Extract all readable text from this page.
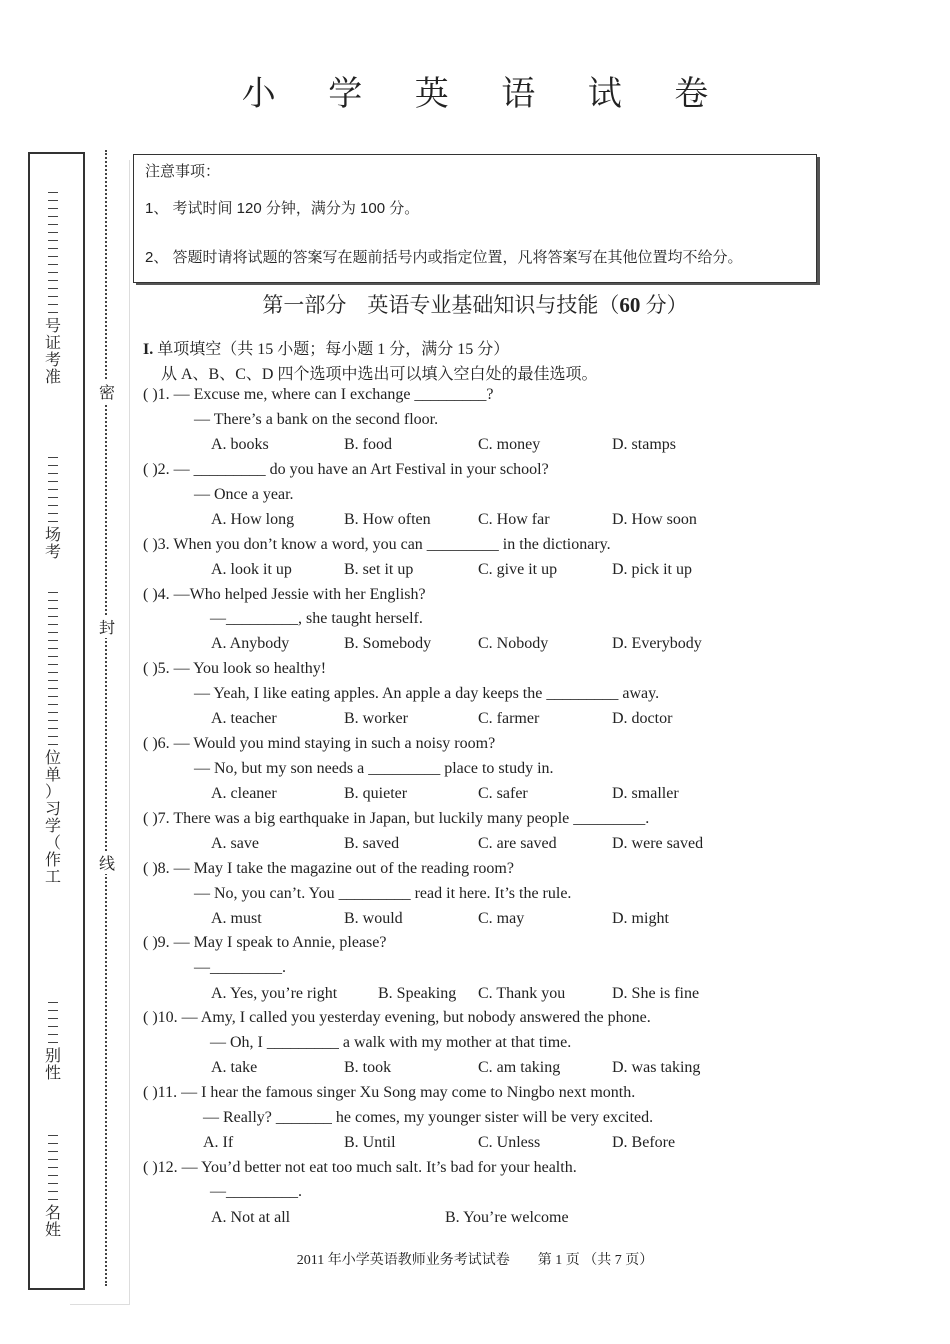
小 学 英 语 试 卷
密
封
线
号
证
考
准
场
考
位
单
）
习
学
（
作
工
别
性
名
姓
注意事项：
1、 考试时间 120 分钟，满分为 100 分。
2、 答题时请将试题的答案写在题前括号内或指定位置，凡将答案写在其他位置均不给分。
第一部分　英语专业基础知识与技能（60 分）
I. 单项填空（共 15 小题；每小题 1 分，满分 15 分）
从 A、B、C、D 四个选项中选出可以填入空白处的最佳选项。
( )1. — Excuse me, where can I exchange _________?
— There’s a bank on the second floor.
A. books	B. food	C. money	D. stamps
( )2. — _________ do you have an Art Festival in your school?
— Once a year.
A. How long	B. How often	C. How far	D. How soon
( )3. When you don’t know a word, you can _________ in the dictionary.
A. look it up	B. set it up	C. give it up	D. pick it up
( )4. —Who helped Jessie with her English?
—_________, she taught herself.
A. Anybody	B. Somebody	C. Nobody	D. Everybody
( )5. — You look so healthy!
— Yeah, I like eating apples. An apple a day keeps the _________ away.
A. teacher	B. worker	C. farmer	D. doctor
( )6. — Would you mind staying in such a noisy room?
— No, but my son needs a _________ place to study in.
A. cleaner	B. quieter	C. safer	D. smaller
( )7. There was a big earthquake in Japan, but luckily many people _________.
A. save	B. saved	C. are saved	D. were saved
( )8. — May I take the magazine out of the reading room?
— No, you can’t. You _________ read it here. It’s the rule.
A. must	B. would	C. may	D. might
( )9. — May I speak to Annie, please?
—_________.
A. Yes, you’re right	B. Speaking C. Thank you	D. She is fine
( )10. — Amy, I called you yesterday evening, but nobody answered the phone.
— Oh, I _________ a walk with my mother at that time.
A. take	B. took	C. am taking	D. was taking
( )11. — I hear the famous singer Xu Song may come to Ningbo next month.
— Really? _______ he comes, my younger sister will be very excited.
A. If	B. Until	C. Unless	D. Before
( )12. — You’d better not eat too much salt. It’s bad for your health.
—_________.
A. Not at all	B. You’re welcome
2011 年小学英语教师业务考试试卷　　第 1 页 （共 7 页）
